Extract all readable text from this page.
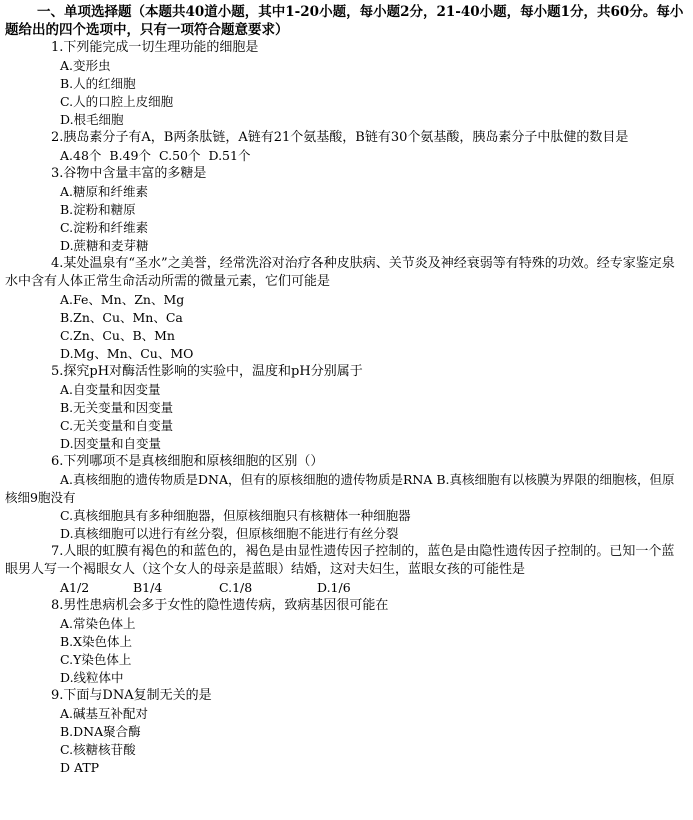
一、单项选择题（本题共40道小题，其中1-20小题，每小题2分，21-40小题，每小题1分，共60分。每小题给出的四个选项中，只有一项符合题意要求）

1.下列能完成一切生理功能的细胞是

A.变形虫

B.人的红细胞

C.人的口腔上皮细胞

D.根毛细胞

2.胰岛素分子有A，B两条肽链，A链有21个氨基酸，B链有30个氨基酸，胰岛素分子中肽健的数目是

A.48个 B.49个 C.50个 D.51个

3.谷物中含量丰富的多糖是

A.糖原和纤维素

B.淀粉和糖原

C.淀粉和纤维素

D.蔗糖和麦芽糖

4.某处温泉有“圣水”之美誉，经常洗浴对治疗各种皮肤病、关节炎及神经衰弱等有特殊的功效。经专家鉴定泉水中含有人体正常生命活动所需的微量元素，它们可能是

A.Fe、Mn、Zn、Mg

B.Zn、Cu、Mn、Ca

C.Zn、Cu、B、Mn

D.Mg、Mn、Cu、MO

5.探究pH对酶活性影响的实验中，温度和pH分别属于

A.自变量和因变量

B.无关变量和因变量

C.无关变量和自变量

D.因变量和自变量

6.下列哪项不是真核细胞和原核细胞的区别（）

A.真核细胞的遗传物质是DNA，但有的原核细胞的遗传物质是RNA B.真核细胞有以核膜为界限的细胞核，但原核细9胞没有

C.真核细胞具有多种细胞器，但原核细胞只有核糖体一种细胞器

D.真核细胞可以进行有丝分裂，但原核细胞不能进行有丝分裂

7.人眼的虹膜有褐色的和蓝色的，褐色是由显性遗传因子控制的，蓝色是由隐性遗传因子控制的。已知一个蓝眼男人写一个褐眼女人（这个女人的母亲是蓝眼）结婚，这对夫妇生，蓝眼女孩的可能性是

A1/2	B1/4	C.1/8	D.1/6

8.男性患病机会多于女性的隐性遗传病，致病基因很可能在

A.常染色体上

B.X染色体上

C.Y染色体上

D.线粒体中

9.下面与DNA复制无关的是

A.碱基互补配对

B.DNA聚合酶

C.核糖核苷酸

D ATP
